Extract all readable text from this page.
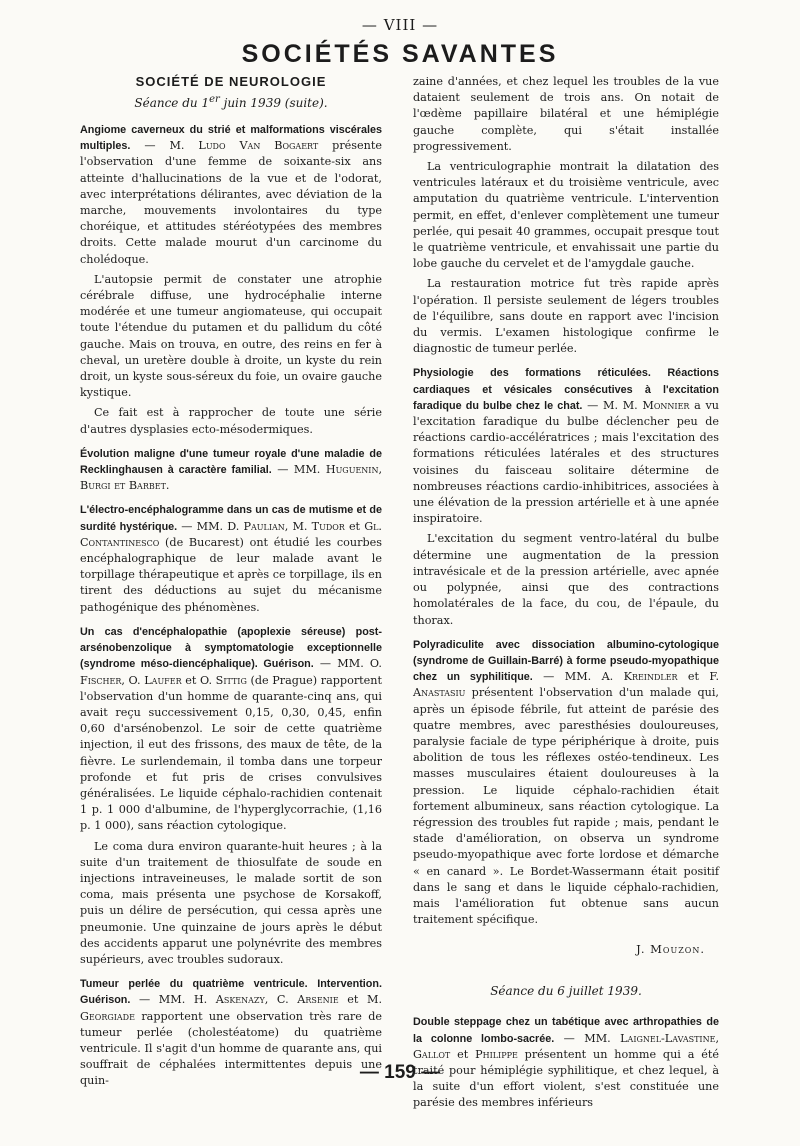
— VIII —
SOCIÉTÉS SAVANTES
SOCIÉTÉ DE NEUROLOGIE
Séance du 1er juin 1939 (suite).

Angiome caverneux du strié et malformations viscérales multiples. — M. Ludo Van Bogaert présente l'observation d'une femme de soixante-six ans atteinte d'hallucinations de la vue et de l'odorat, avec interprétations délirantes, avec déviation de la marche, mouvements involontaires du type choréique, et attitudes stéréotypées des membres droits. Cette malade mourut d'un carcinome du cholédoque.

L'autopsie permit de constater une atrophie cérébrale diffuse, une hydrocéphalie interne modérée et une tumeur angiomateuse, qui occupait toute l'étendue du putamen et du pallidum du côté gauche. Mais on trouva, en outre, des reins en fer à cheval, un uretère double à droite, un kyste du rein droit, un kyste sous-séreux du foie, un ovaire gauche kystique.

Ce fait est à rapprocher de toute une série d'autres dysplasies ecto-mésodermiques.

Évolution maligne d'une tumeur royale d'une maladie de Recklinghausen à caractère familial. — MM. Huguenin, Burgi et Barbet.

L'électro-encéphalogramme dans un cas de mutisme et de surdité hystérique. — MM. D. Paulian, M. Tudor et Gl. Contantinesco (de Bucarest) ont étudié les courbes encéphalographique de leur malade avant le torpillage thérapeutique et après ce torpillage, ils en tirent des déductions au sujet du mécanisme pathogénique des phénomènes.

Un cas d'encéphalopathie (apoplexie séreuse) post-arsénobenzolique à symptomatologie exceptionnelle (syndrome méso-diencéphalique). Guérison. — MM. O. Fischer, O. Laufer et O. Sittig (de Prague) rapportent l'observation d'un homme de quarante-cinq ans, qui avait reçu successivement 0,15, 0,30, 0,45, enfin 0,60 d'arsénobenzol. Le soir de cette quatrième injection, il eut des frissons, des maux de tête, de la fièvre. Le surlendemain, il tomba dans une torpeur profonde et fut pris de crises convulsives généralisées. Le liquide céphalo-rachidien contenait 1 p. 1 000 d'albumine, de l'hyperglycorrachie, (1,16 p. 1 000), sans réaction cytologique.

Le coma dura environ quarante-huit heures ; à la suite d'un traitement de thiosulfate de soude en injections intraveineuses, le malade sortit de son coma, mais présenta une psychose de Korsakoff, puis un délire de persécution, qui cessa après une pneumonie. Une quinzaine de jours après le début des accidents apparut une polynévrite des membres supérieurs, avec troubles sudoraux.

Tumeur perlée du quatrième ventricule. Intervention. Guérison. — MM. H. Askenazy, C. Arsenie et M. Georgiade rapportent une observation très rare de tumeur perlée (cholestéatome) du quatrième ventricule. Il s'agit d'un homme de quarante ans, qui souffrait de céphalées intermittentes depuis une quin-

zaine d'années, et chez lequel les troubles de la vue dataient seulement de trois ans. On notait de l'œdème papillaire bilatéral et une hémiplégie gauche complète, qui s'était installée progressivement.

La ventriculographie montrait la dilatation des ventricules latéraux et du troisième ventricule, avec amputation du quatrième ventricule. L'intervention permit, en effet, d'enlever complètement une tumeur perlée, qui pesait 40 grammes, occupait presque tout le quatrième ventricule, et envahissait une partie du lobe gauche du cervelet et de l'amygdale gauche.

La restauration motrice fut très rapide après l'opération. Il persiste seulement de légers troubles de l'équilibre, sans doute en rapport avec l'incision du vermis. L'examen histologique confirme le diagnostic de tumeur perlée.

Physiologie des formations réticulées. Réactions cardiaques et vésicales consécutives à l'excitation faradique du bulbe chez le chat. — M. M. Monnier a vu l'excitation faradique du bulbe déclencher peu de réactions cardio-accélératrices ; mais l'excitation des formations réticulées latérales et des structures voisines du faisceau solitaire détermine de nombreuses réactions cardio-inhibitrices, associées à une élévation de la pression artérielle et à une apnée inspiratoire.

L'excitation du segment ventro-latéral du bulbe détermine une augmentation de la pression intravésicale et de la pression artérielle, avec apnée ou polypnée, ainsi que des contractions homolatérales de la face, du cou, de l'épaule, du thorax.

Polyradiculite avec dissociation albumino-cytologique (syndrome de Guillain-Barré) à forme pseudo-myopathique chez un syphilitique. — MM. A. Kreindler et F. Anastasiu présentent l'observation d'un malade qui, après un épisode fébrile, fut atteint de parésie des quatre membres, avec paresthésies douloureuses, paralysie faciale de type périphérique à droite, puis abolition de tous les réflexes ostéo-tendineux. Les masses musculaires étaient douloureuses à la pression. Le liquide céphalo-rachidien était fortement albumineux, sans réaction cytologique. La régression des troubles fut rapide ; mais, pendant le stade d'amélioration, on observa un syndrome pseudo-myopathique avec forte lordose et démarche « en canard ». Le Bordet-Wassermann était positif dans le sang et dans le liquide céphalo-rachidien, mais l'amélioration fut obtenue sans aucun traitement spécifique.

J. Mouzon.
Séance du 6 juillet 1939.

Double steppage chez un tabétique avec arthropathies de la colonne lombo-sacrée. — MM. Laignel-Lavastine, Gallot et Philippe présentent un homme qui a été traité pour hémiplégie syphilitique, et chez lequel, à la suite d'un effort violent, s'est constituée une parésie des membres inférieurs

— 159 —
